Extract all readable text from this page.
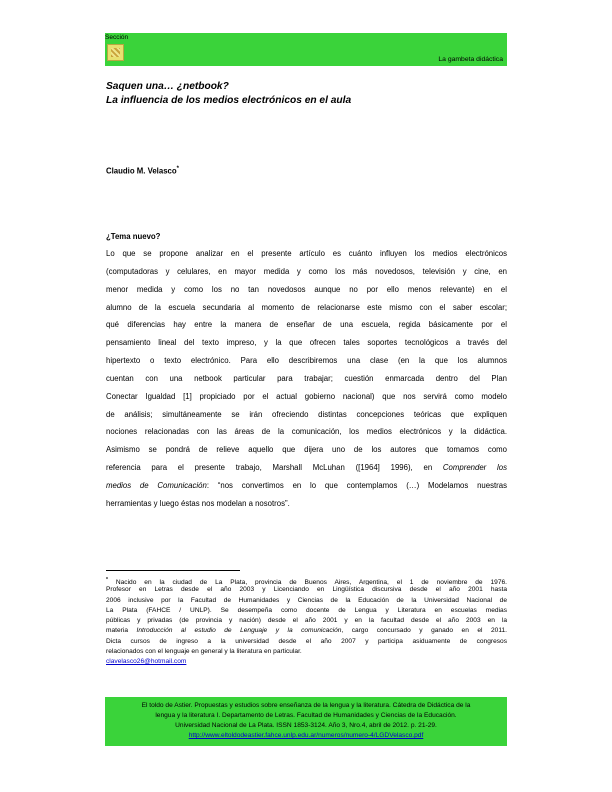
Sección
La gambeta didáctica
Saquen una… ¿netbook?
La influencia de los medios electrónicos en el aula
Claudio M. Velasco*
¿Tema nuevo?
Lo que se propone analizar en el presente artículo es cuánto influyen los medios electrónicos
(computadoras y celulares, en mayor medida y como los más novedosos, televisión y cine, en
menor medida y como los no tan novedosos aunque no por ello menos relevante) en el
alumno de la escuela secundaria al momento de relacionarse este mismo con el saber escolar;
qué diferencias hay entre la manera de enseñar de una escuela, regida básicamente por el
pensamiento lineal del texto impreso, y la que ofrecen tales soportes tecnológicos a través del
hipertexto o texto electrónico. Para ello describiremos una clase (en la que los alumnos
cuentan con una netbook particular para trabajar; cuestión enmarcada dentro del Plan
Conectar Igualdad [1] propiciado por el actual gobierno nacional) que nos servirá como modelo
de análisis; simultáneamente se irán ofreciendo distintas concepciones teóricas que expliquen
nociones relacionadas con las áreas de la comunicación, los medios electrónicos y la didáctica.
Asimismo se pondrá de relieve aquello que dijera uno de los autores que tomamos como
referencia para el presente trabajo, Marshall McLuhan ([1964] 1996), en Comprender los
medios de Comunicación: “nos convertimos en lo que contemplamos (…) Modelamos nuestras
herramientas y luego éstas nos modelan a nosotros”.
* Nacido en la ciudad de La Plata, provincia de Buenos Aires, Argentina, el 1 de noviembre de 1976.
Profesor en Letras desde el año 2003 y Licenciando en Lingüística discursiva desde el año 2001 hasta
2006 inclusive por la Facultad de Humanidades y Ciencias de la Educación de la Universidad Nacional de
La Plata (FAHCE / UNLP). Se desempeña como docente de Lengua y Literatura en escuelas medias
públicas y privadas (de provincia y nación) desde el año 2001 y en la facultad desde el año 2003 en la
materia Introducción al estudio de Lenguaje y la comunicación, cargo concursado y ganado en el 2011.
Dicta cursos de ingreso a la universidad desde el año 2007 y participa asiduamente de congresos
relacionados con el lenguaje en general y la literatura en particular.
clavelasco26@hotmail.com
El toldo de Astier. Propuestas y estudios sobre enseñanza de la lengua y la literatura. Cátedra de Didáctica de la
lengua y la literatura I. Departamento de Letras. Facultad de Humanidades y Ciencias de la Educación.
Universidad Nacional de La Plata. ISSN 1853-3124. Año 3, Nro.4, abril de 2012. p. 21-29.
http://www.eltoldodeastier.fahce.unlp.edu.ar/numeros/numero-4/LGDVelasco.pdf
